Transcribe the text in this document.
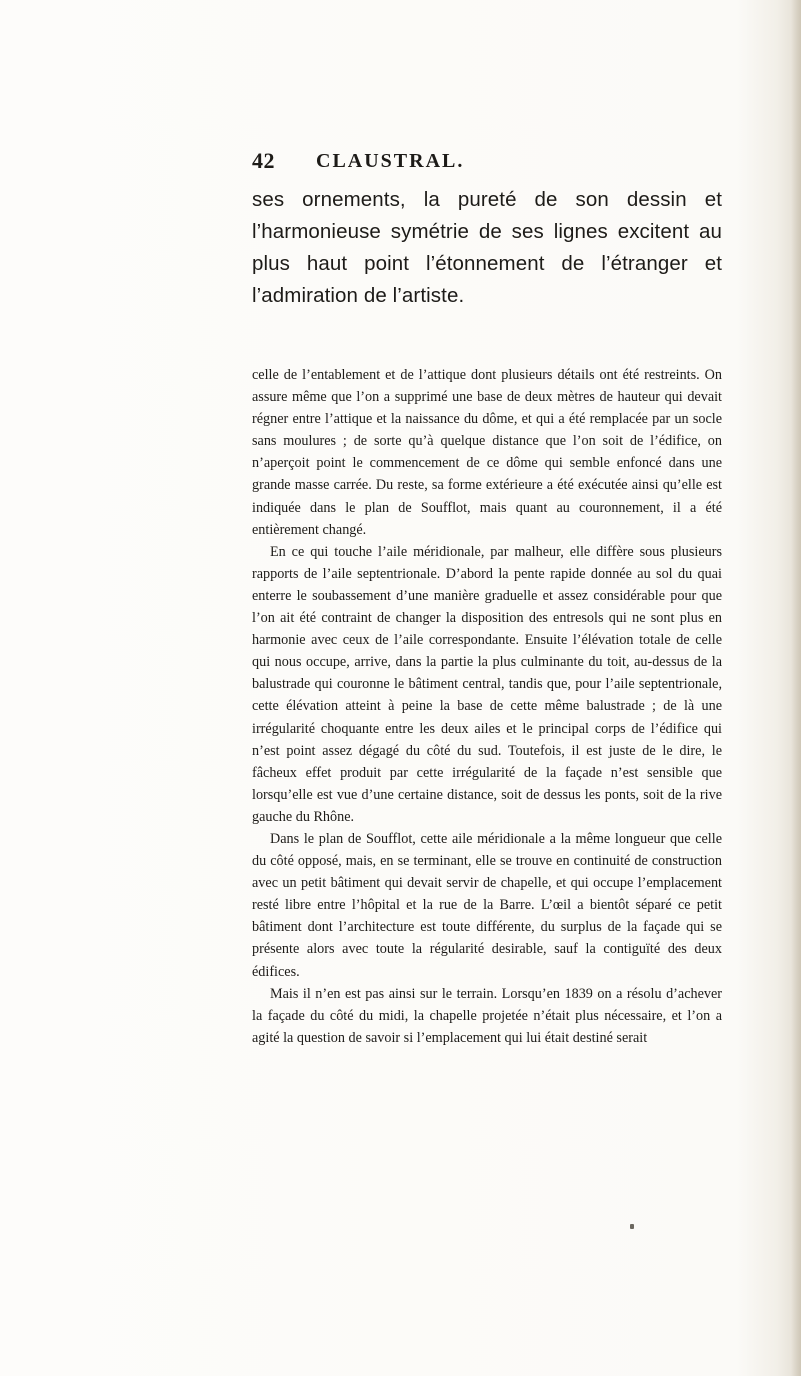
42 CLAUSTRAL.

ses ornements, la pureté de son dessin et l’harmonieuse symétrie de ses lignes excitent au plus haut point l’étonnement de l’étranger et l’admiration de l’artiste.

celle de l’entablement et de l’attique dont plusieurs détails ont été restreints. On assure même que l’on a supprimé une base de deux mètres de hauteur qui devait régner entre l’attique et la naissance du dôme, et qui a été remplacée par un socle sans moulures ; de sorte qu’à quelque distance que l’on soit de l’édifice, on n’aperçoit point le commencement de ce dôme qui semble enfoncé dans une grande masse carrée. Du reste, sa forme extérieure a été exécutée ainsi qu’elle est indiquée dans le plan de Soufflot, mais quant au couronnement, il a été entièrement changé.

En ce qui touche l’aile méridionale, par malheur, elle diffère sous plusieurs rapports de l’aile septentrionale. D’abord la pente rapide donnée au sol du quai enterre le soubassement d’une manière graduelle et assez considérable pour que l’on ait été contraint de changer la disposition des entresols qui ne sont plus en harmonie avec ceux de l’aile correspondante. Ensuite l’élévation totale de celle qui nous occupe, arrive, dans la partie la plus culminante du toit, au-dessus de la balustrade qui couronne le bâtiment central, tandis que, pour l’aile septentrionale, cette élévation atteint à peine la base de cette même balustrade ; de là une irrégularité choquante entre les deux ailes et le principal corps de l’édifice qui n’est point assez dégagé du côté du sud. Toutefois, il est juste de le dire, le fâcheux effet produit par cette irrégularité de la façade n’est sensible que lorsqu’elle est vue d’une certaine distance, soit de dessus les ponts, soit de la rive gauche du Rhône.

Dans le plan de Soufflot, cette aile méridionale a la même longueur que celle du côté opposé, mais, en se terminant, elle se trouve en continuité de construction avec un petit bâtiment qui devait servir de chapelle, et qui occupe l’emplacement resté libre entre l’hôpital et la rue de la Barre. L’œil a bientôt séparé ce petit bâtiment dont l’architecture est toute différente, du surplus de la façade qui se présente alors avec toute la régularité desirable, sauf la contiguïté des deux édifices.

Mais il n’en est pas ainsi sur le terrain. Lorsqu’en 1839 on a résolu d’achever la façade du côté du midi, la chapelle projetée n’était plus nécessaire, et l’on a agité la question de savoir si l’emplacement qui lui était destiné serait
